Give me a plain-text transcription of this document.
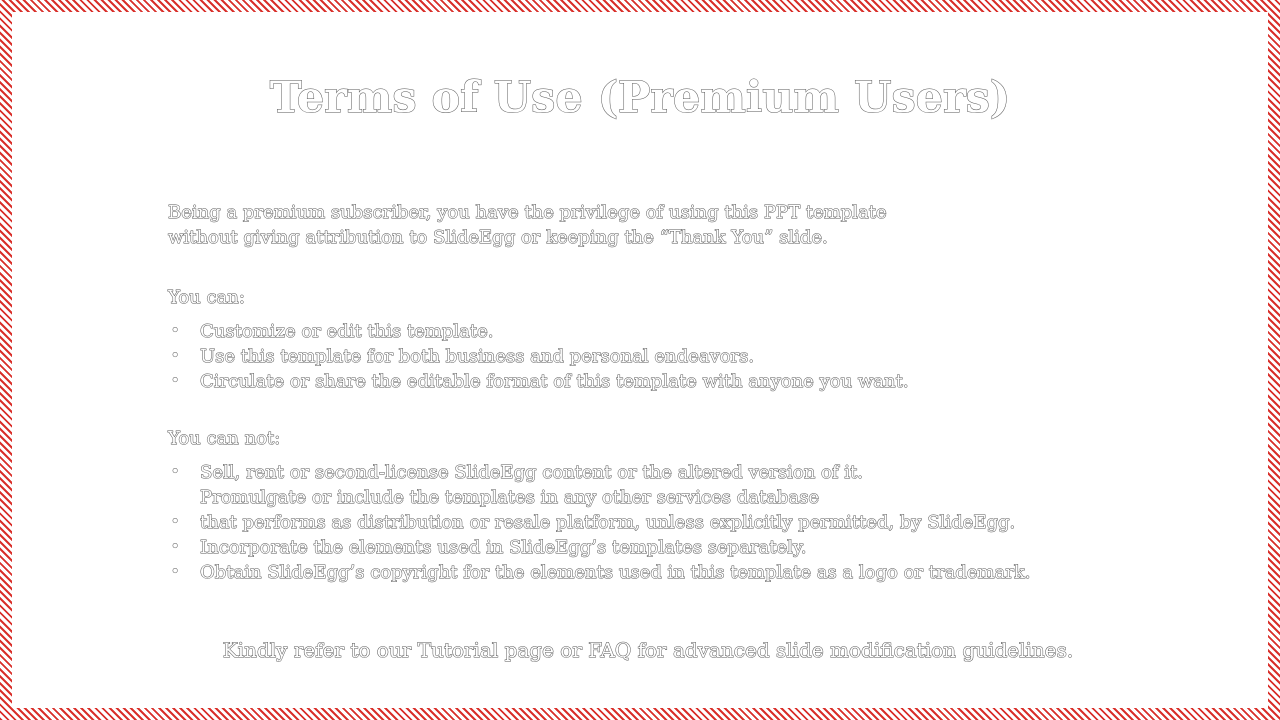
Terms of Use (Premium Users)

Being a premium subscriber, you have the privilege of using this PPT template

without giving attribution to SlideEgg or keeping the “Thank You” slide.

You can:

• Customize or edit this template.
• Use this template for both business and personal endeavors.
• Circulate or share the editable format of this template with anyone you want.

You can not:

• Sell, rent or second-license SlideEgg content or the altered version of it.
•
Promulgate or include the templates in any other services database
that performs as distribution or resale platform, unless explicitly permitted, by SlideEgg.
• Incorporate the elements used in SlideEgg’s templates separately.
• Obtain SlideEgg’s copyright for the elements used in this template as a logo or trademark.

Kindly refer to our Tutorial page or FAQ for advanced slide modification guidelines.
